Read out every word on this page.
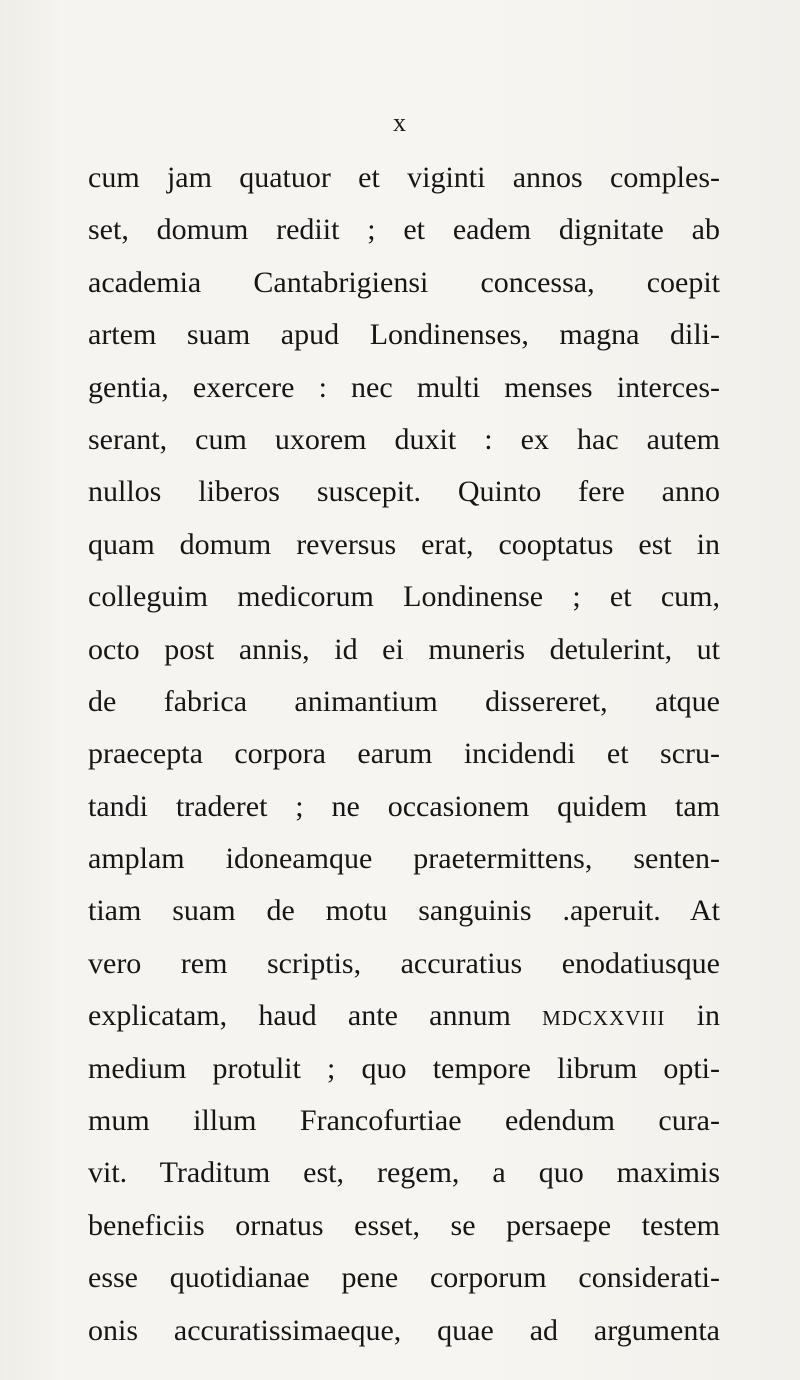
x
cum jam quatuor et viginti annos comples-
set, domum rediit ; et eadem dignitate ab
academia Cantabrigiensi concessa, coepit
artem suam apud Londinenses, magna dili-
gentia, exercere : nec multi menses interces-
serant, cum uxorem duxit : ex hac autem
nullos liberos suscepit. Quinto fere anno
quam domum reversus erat, cooptatus est in
colleguim medicorum Londinense ; et cum,
octo post annis, id ei muneris detulerint, ut
de fabrica animantium dissereret, atque
praecepta corpora earum incidendi et scru-
tandi traderet ; ne occasionem quidem tam
amplam idoneamque praetermittens, senten-
tiam suam de motu sanguinis .aperuit. At
vero rem scriptis, accuratius enodatiusque
explicatam, haud ante annum mdcxxviii in
medium protulit ; quo tempore librum opti-
mum illum Francofurtiae edendum cura-
vit. Traditum est, regem, a quo maximis
beneficiis ornatus esset, se persaepe testem
esse quotidianae pene corporum considerati-
onis accuratissimaeque, quae ad argumenta
